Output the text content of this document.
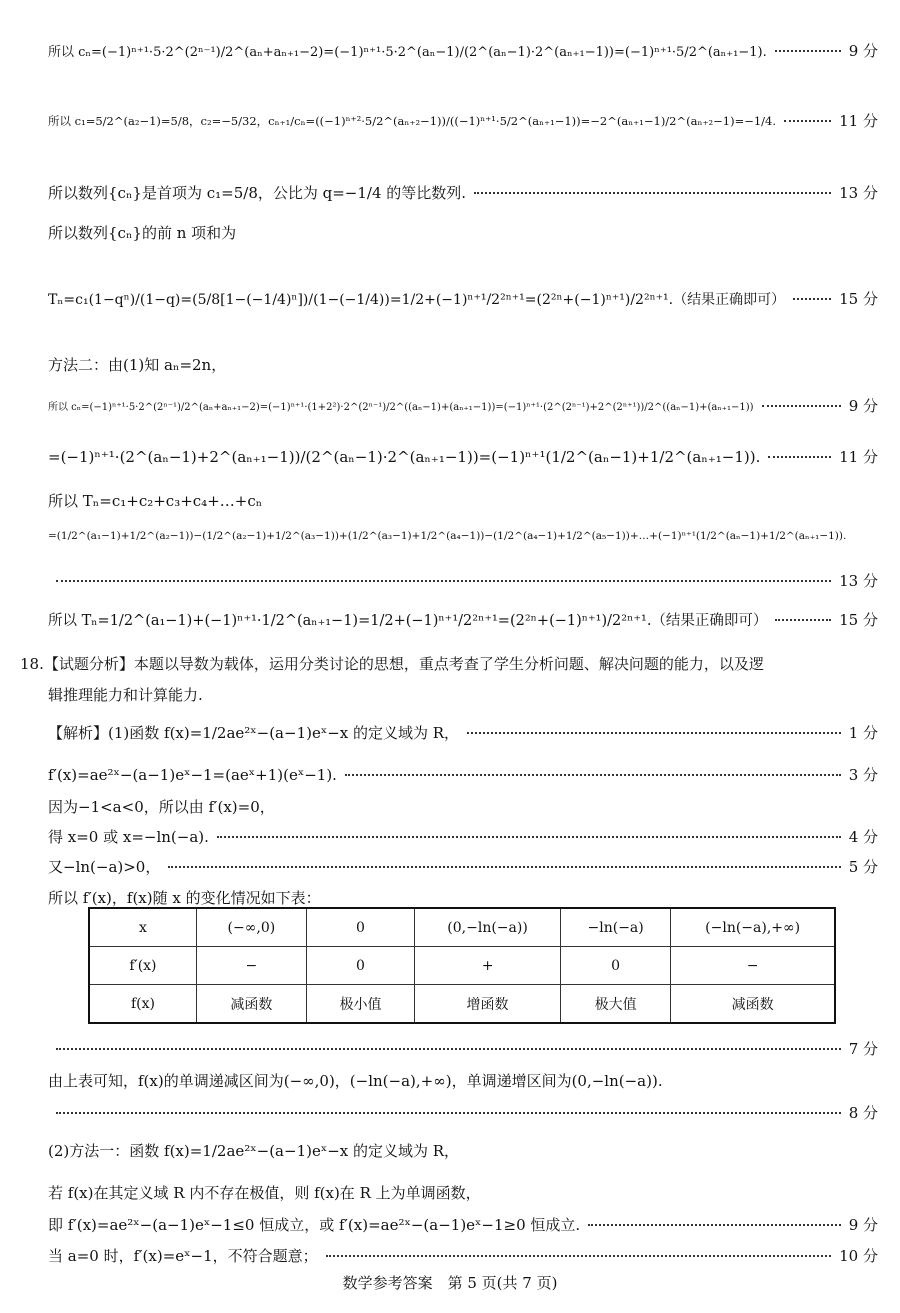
所以 cₙ=(−1)ⁿ⁺¹·5·2^(2ⁿ⁻¹)/2^(aₙ+aₙ₊₁−2)=(−1)ⁿ⁺¹·5·2^(aₙ−1)/(2^(aₙ−1)·2^(aₙ₊₁−1))=(−1)ⁿ⁺¹·5/2^(aₙ₊₁−1).	9 分
所以 c₁=5/2^(a₂−1)=5/8，c₂=−5/32，cₙ₊₁/cₙ=((−1)ⁿ⁺²·5/2^(aₙ₊₂−1))/((−1)ⁿ⁺¹·5/2^(aₙ₊₁−1))=−2^(aₙ₊₁−1)/2^(aₙ₊₂−1)=−1/4.	11 分
所以数列{cₙ}是首项为 c₁=5/8，公比为 q=−1/4 的等比数列.	13 分
所以数列{cₙ}的前 n 项和为
Tₙ=c₁(1−qⁿ)/(1−q)=(5/8[1−(−1/4)ⁿ])/(1−(−1/4))=1/2+(−1)ⁿ⁺¹/2²ⁿ⁺¹=(2²ⁿ+(−1)ⁿ⁺¹)/2²ⁿ⁺¹.（结果正确即可）	15 分
方法二：由(1)知 aₙ=2n，
所以 cₙ=(−1)ⁿ⁺¹·5·2^(2ⁿ⁻¹)/2^(aₙ+aₙ₊₁−2)=(−1)ⁿ⁺¹·(1+2²)·2^(2ⁿ⁻¹)/2^((aₙ−1)+(aₙ₊₁−1))=(−1)ⁿ⁺¹·(2^(2ⁿ⁻¹)+2^(2ⁿ⁺¹))/2^((aₙ−1)+(aₙ₊₁−1))	9 分
=(−1)ⁿ⁺¹·(2^(aₙ−1)+2^(aₙ₊₁−1))/(2^(aₙ−1)·2^(aₙ₊₁−1))=(−1)ⁿ⁺¹(1/2^(aₙ−1)+1/2^(aₙ₊₁−1)).	11 分
所以 Tₙ=c₁+c₂+c₃+c₄+…+cₙ
=(1/2^(a₁−1)+1/2^(a₂−1))−(1/2^(a₂−1)+1/2^(a₃−1))+(1/2^(a₃−1)+1/2^(a₄−1))−(1/2^(a₄−1)+1/2^(a₅−1))+…+(−1)ⁿ⁺¹(1/2^(aₙ−1)+1/2^(aₙ₊₁−1)).
13 分
所以 Tₙ=1/2^(a₁−1)+(−1)ⁿ⁺¹·1/2^(aₙ₊₁−1)=1/2+(−1)ⁿ⁺¹/2²ⁿ⁺¹=(2²ⁿ+(−1)ⁿ⁺¹)/2²ⁿ⁺¹.（结果正确即可）	15 分
18.【试题分析】本题以导数为载体，运用分类讨论的思想，重点考查了学生分析问题、解决问题的能力，以及逻
辑推理能力和计算能力.
【解析】(1)函数 f(x)=1/2ae²ˣ−(a−1)eˣ−x 的定义域为 R，	1 分
f′(x)=ae²ˣ−(a−1)eˣ−1=(aeˣ+1)(eˣ−1).	3 分
因为−1<a<0，所以由 f′(x)=0，
得 x=0 或 x=−ln(−a).	4 分
又−ln(−a)>0，	5 分
所以 f′(x)，f(x)随 x 的变化情况如下表：
7 分
由上表可知，f(x)的单调递减区间为(−∞,0)，(−ln(−a),+∞)，单调递增区间为(0,−ln(−a)).
8 分
(2)方法一：函数 f(x)=1/2ae²ˣ−(a−1)eˣ−x 的定义域为 R，
若 f(x)在其定义域 R 内不存在极值，则 f(x)在 R 上为单调函数，
即 f′(x)=ae²ˣ−(a−1)eˣ−1≤0 恒成立，或 f′(x)=ae²ˣ−(a−1)eˣ−1≥0 恒成立.	9 分
当 a=0 时，f′(x)=eˣ−1，不符合题意；	10 分
x	(−∞,0)	0	(0,−ln(−a))	−ln(−a)	(−ln(−a),+∞)
f′(x)	−	0	+	0	−
f(x)	减函数	极小值	增函数	极大值	减函数
数学参考答案　第 5 页(共 7 页)
